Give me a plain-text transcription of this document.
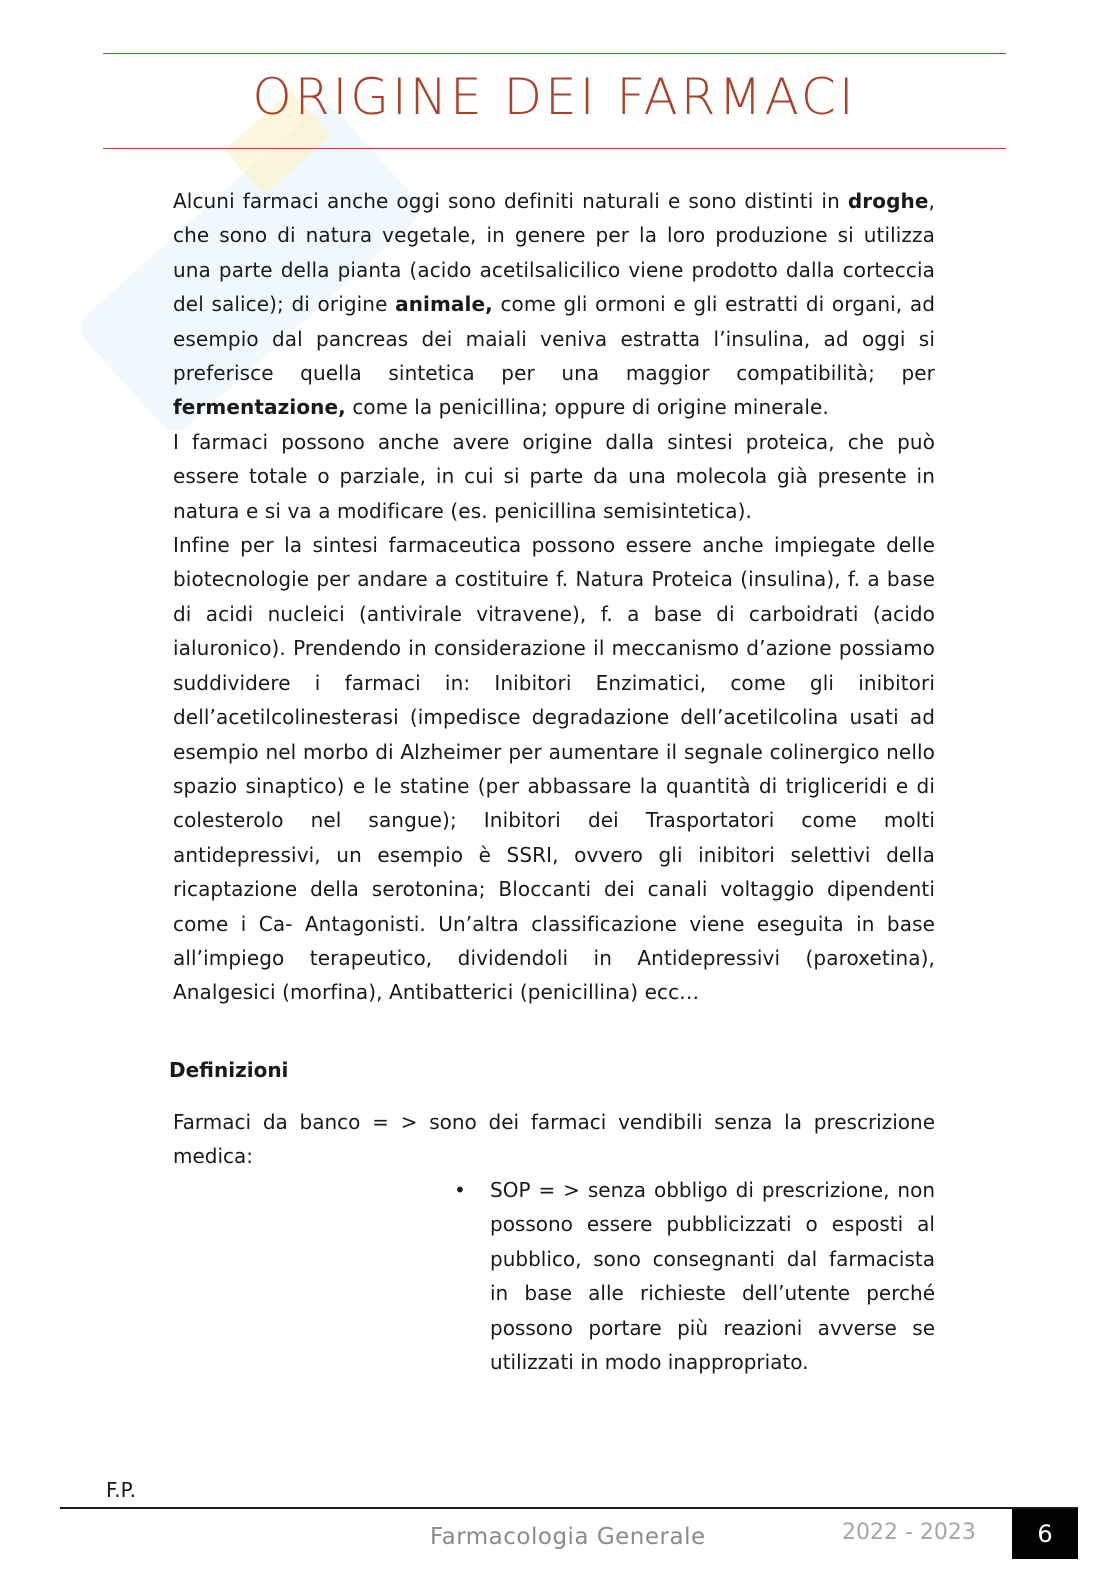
ORIGINE DEI FARMACI

Alcuni farmaci anche oggi sono definiti naturali e sono distinti in droghe, che sono di natura vegetale, in genere per la loro produzione si utilizza una parte della pianta (acido acetilsalicilico viene prodotto dalla corteccia del salice); di origine animale, come gli ormoni e gli estratti di organi, ad esempio dal pancreas dei maiali veniva estratta l’insulina, ad oggi si preferisce quella sintetica per una maggior compatibilità; per fermentazione, come la penicillina; oppure di origine minerale.

I farmaci possono anche avere origine dalla sintesi proteica, che può essere totale o parziale, in cui si parte da una molecola già presente in natura e si va a modificare (es. penicillina semisintetica).

Infine per la sintesi farmaceutica possono essere anche impiegate delle biotecnologie per andare a costituire f. Natura Proteica (insulina), f. a base di acidi nucleici (antivirale vitravene), f. a base di carboidrati (acido ialuronico). Prendendo in considerazione il meccanismo d’azione possiamo suddividere i farmaci in: Inibitori Enzimatici, come gli inibitori dell’acetilcolinesterasi (impedisce degradazione dell’acetilcolina usati ad esempio nel morbo di Alzheimer per aumentare il segnale colinergico nello spazio sinaptico) e le statine (per abbassare la quantità di trigliceridi e di colesterolo nel sangue); Inibitori dei Trasportatori come molti antidepressivi, un esempio è SSRI, ovvero gli inibitori selettivi della ricaptazione della serotonina; Bloccanti dei canali voltaggio dipendenti come i Ca- Antagonisti. Un’altra classificazione viene eseguita in base all’impiego terapeutico, dividendoli in Antidepressivi (paroxetina), Analgesici (morfina), Antibatterici (penicillina) ecc…

Definizioni

Farmaci da banco = > sono dei farmaci vendibili senza la prescrizione medica:

• SOP = > senza obbligo di prescrizione, non possono essere pubblicizzati o esposti al pubblico, sono consegnanti dal farmacista in base alle richieste dell’utente perché possono portare più reazioni avverse se utilizzati in modo inappropriato.

F.P.

Farmacologia Generale	2022 - 2023	6
